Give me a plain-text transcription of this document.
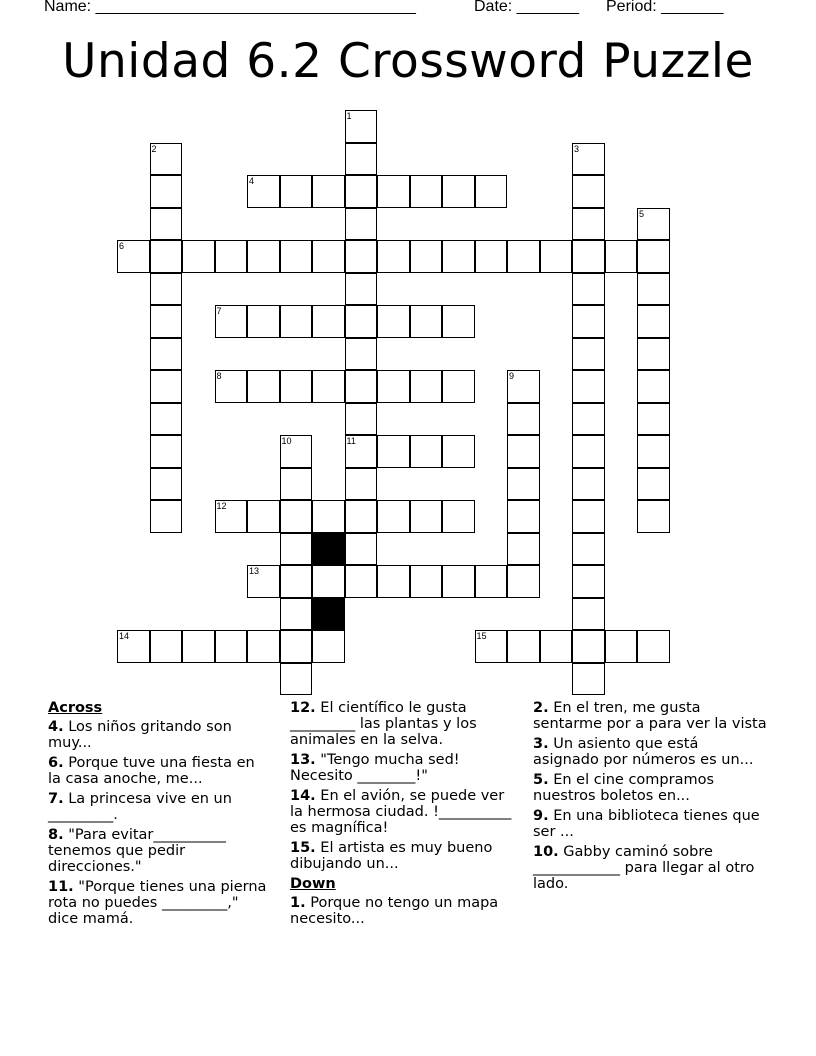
Name: ____________________________________	Date: _______ Period: _______
Unidad 6.2 Crossword Puzzle
1
2	3
4
5
6
7
8	9
10	11
12
13
14	15
Across
4. Los niños gritando son muy...
6. Porque tuve una fiesta en la casa anoche, me...
7. La princesa vive en un _________.
8. "Para evitar__________ tenemos que pedir direcciones."
11. "Porque tienes una pierna rota no puedes _________," dice mamá.
12. El científico le gusta _________ las plantas y los animales en la selva.
13. "Tengo mucha sed! Necesito ________!"
14. En el avión, se puede ver la hermosa ciudad. !__________ es magnífica!
15. El artista es muy bueno dibujando un...
Down
1. Porque no tengo un mapa necesito...
2. En el tren, me gusta sentarme por a para ver la vista
3. Un asiento que está asignado por números es un...
5. En el cine compramos nuestros boletos en...
9. En una biblioteca tienes que ser ...
10. Gabby caminó sobre ____________ para llegar al otro lado.
